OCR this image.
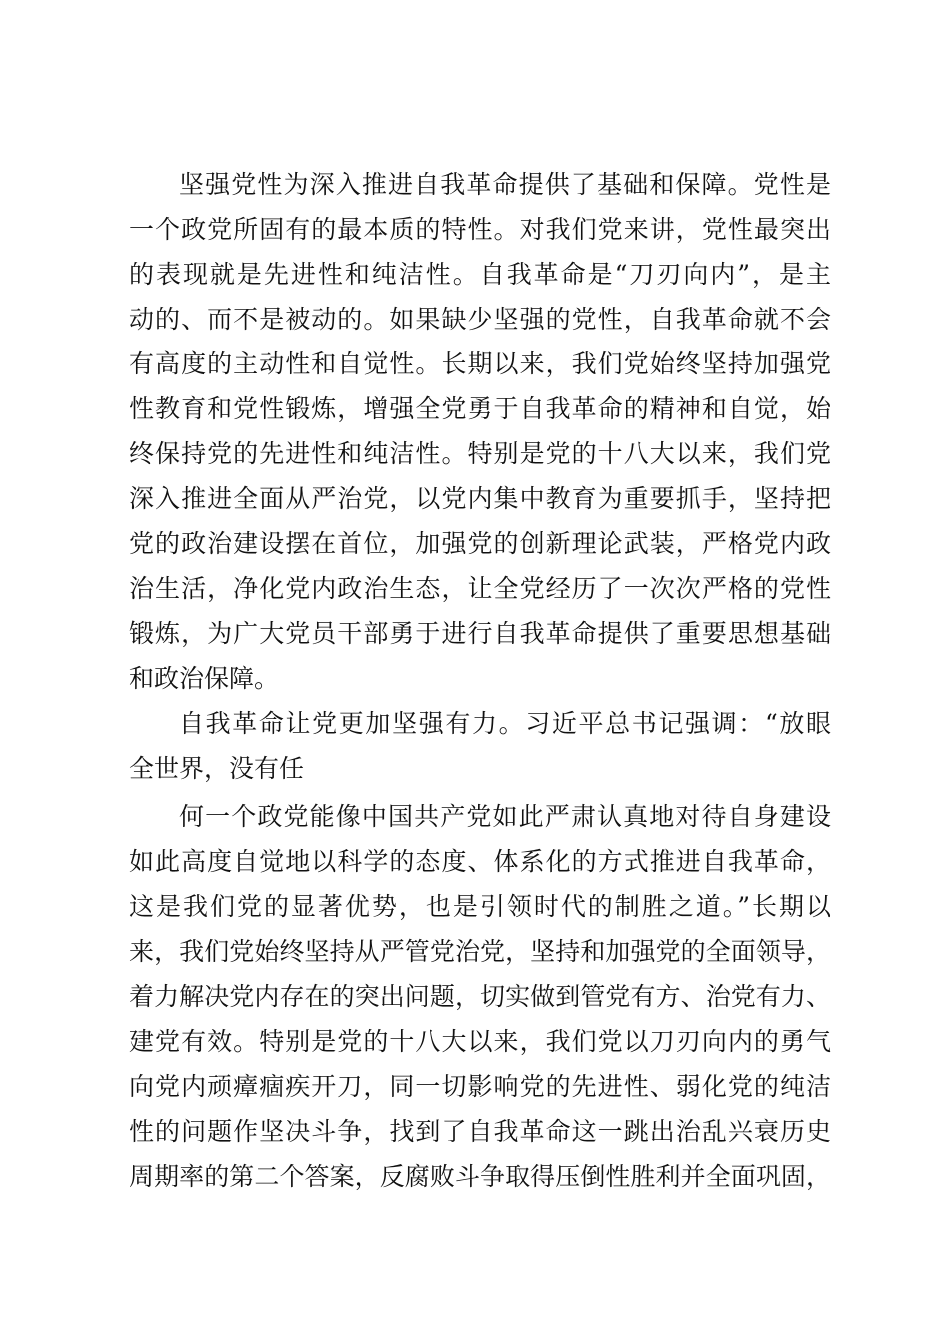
坚强党性为深入推进自我革命提供了基础和保障。党性是
一个政党所固有的最本质的特性。对我们党来讲，党性最突出
的表现就是先进性和纯洁性。自我革命是“刀刃向内”，是主
动的、而不是被动的。如果缺少坚强的党性，自我革命就不会
有高度的主动性和自觉性。长期以来，我们党始终坚持加强党
性教育和党性锻炼，增强全党勇于自我革命的精神和自觉，始
终保持党的先进性和纯洁性。特别是党的十八大以来，我们党
深入推进全面从严治党，以党内集中教育为重要抓手，坚持把
党的政治建设摆在首位，加强党的创新理论武装，严格党内政
治生活，净化党内政治生态，让全党经历了一次次严格的党性
锻炼，为广大党员干部勇于进行自我革命提供了重要思想基础
和政治保障。
自我革命让党更加坚强有力。习近平总书记强调：“放眼
全世界，没有任
何一个政党能像中国共产党如此严肃认真地对待自身建设
如此高度自觉地以科学的态度、体系化的方式推进自我革命，
这是我们党的显著优势，也是引领时代的制胜之道。”长期以
来，我们党始终坚持从严管党治党，坚持和加强党的全面领导，
着力解决党内存在的突出问题，切实做到管党有方、治党有力、
建党有效。特别是党的十八大以来，我们党以刀刃向内的勇气
向党内顽瘴痼疾开刀，同一切影响党的先进性、弱化党的纯洁
性的问题作坚决斗争，找到了自我革命这一跳出治乱兴衰历史
周期率的第二个答案，反腐败斗争取得压倒性胜利并全面巩固，
